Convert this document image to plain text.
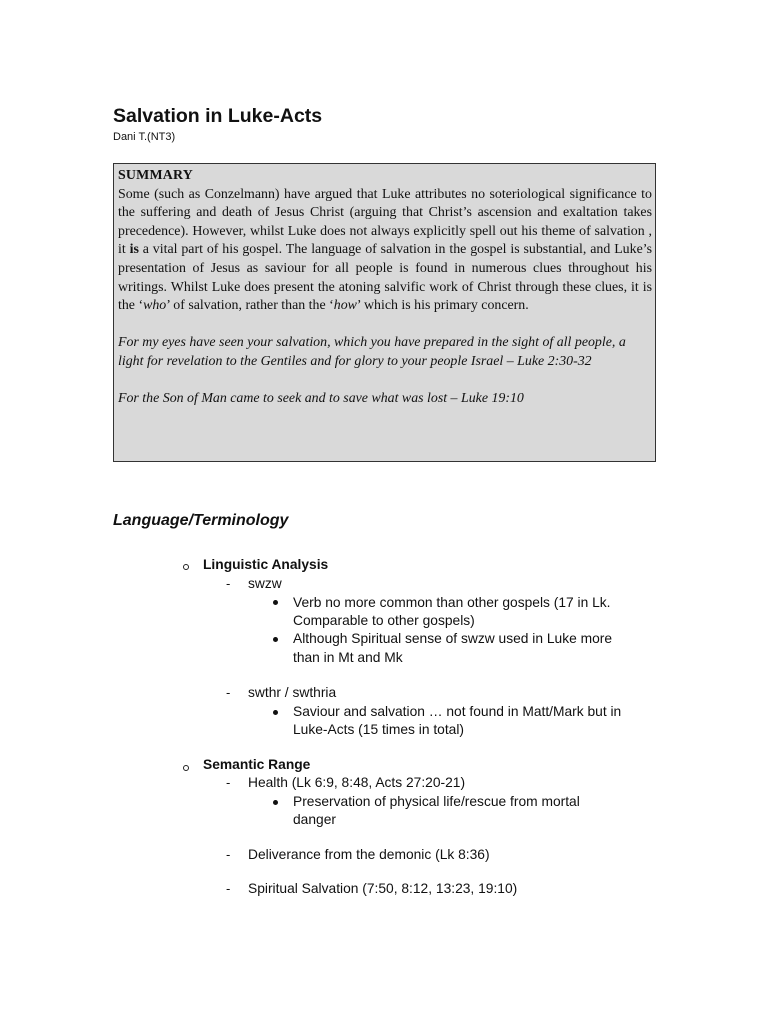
Salvation in Luke-Acts
Dani T.(NT3)
SUMMARY

Some (such as Conzelmann) have argued that Luke attributes no soteriological significance to the suffering and death of Jesus Christ (arguing that Christ’s ascension and exaltation takes precedence). However, whilst Luke does not always explicitly spell out his theme of salvation , it is a vital part of his gospel. The language of salvation in the gospel is substantial, and Luke’s presentation of Jesus as saviour for all people is found in numerous clues throughout his writings. Whilst Luke does present the atoning salvific work of Christ through these clues, it is the ‘who’ of salvation, rather than the ‘how’ which is his primary concern.

For my eyes have seen your salvation, which you have prepared in the sight of all people, a light for revelation to the Gentiles and for glory to your people Israel – Luke 2:30-32

For the Son of Man came to seek and to save what was lost – Luke 19:10

Language/Terminology
Linguistic Analysis
- swzw
Verb no more common than other gospels (17 in Lk.
Comparable to other gospels)
Although Spiritual sense of swzw used in Luke more
than in Mt and Mk
- swthr / swthria
Saviour and salvation … not found in Matt/Mark but in
Luke-Acts (15 times in total)
Semantic Range
- Health (Lk 6:9, 8:48, Acts 27:20-21)
Preservation of physical life/rescue from mortal
danger
- Deliverance from the demonic (Lk 8:36)
- Spiritual Salvation (7:50, 8:12, 13:23, 19:10)
